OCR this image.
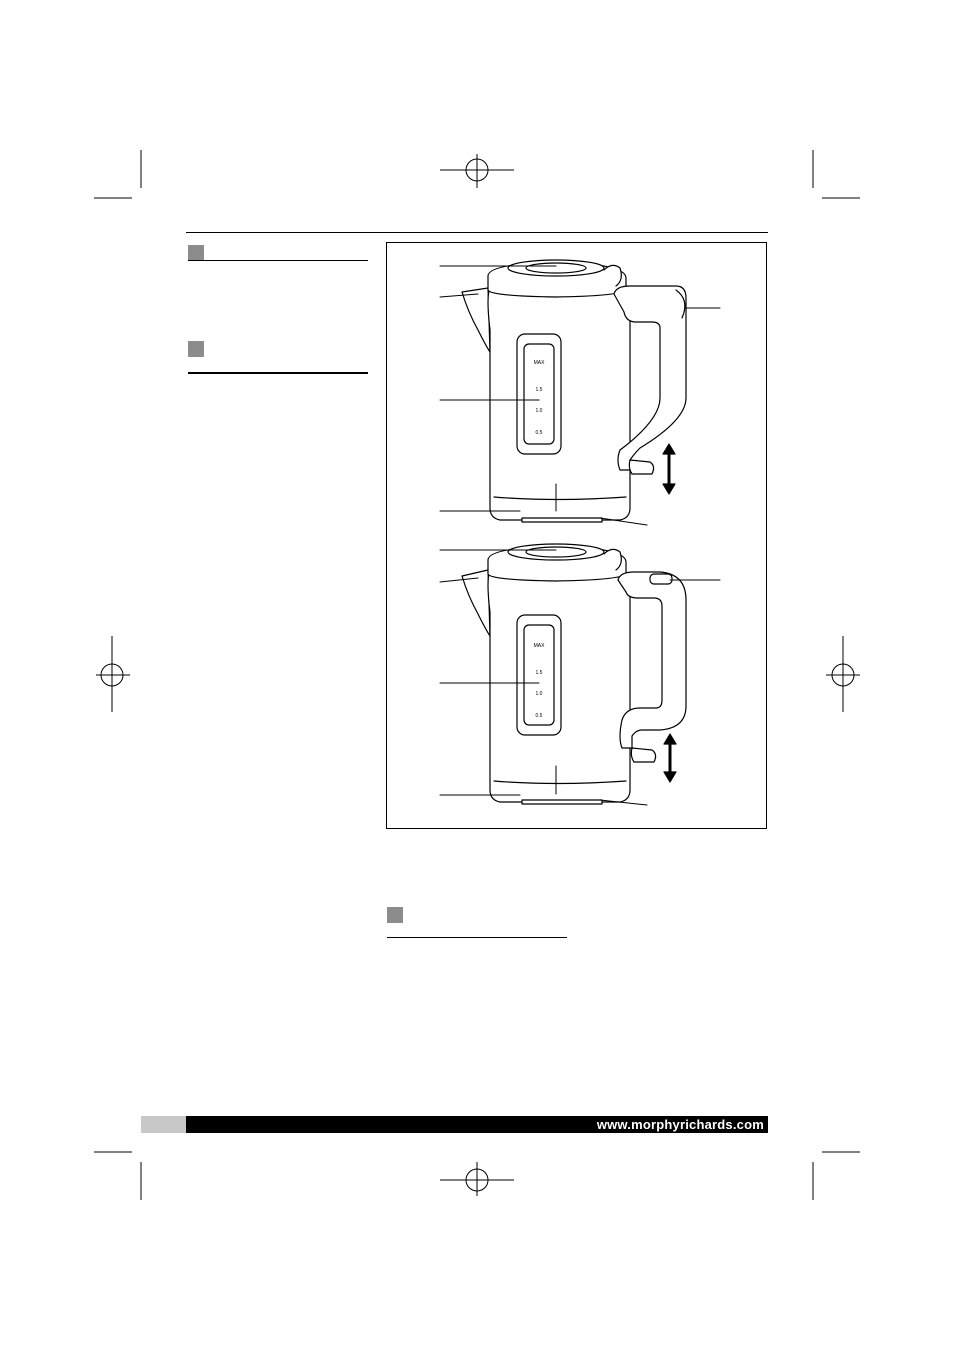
MAX
1.5
1.0
0.5
MAX
1.5
1.0
0.5
www.morphyrichards.com
